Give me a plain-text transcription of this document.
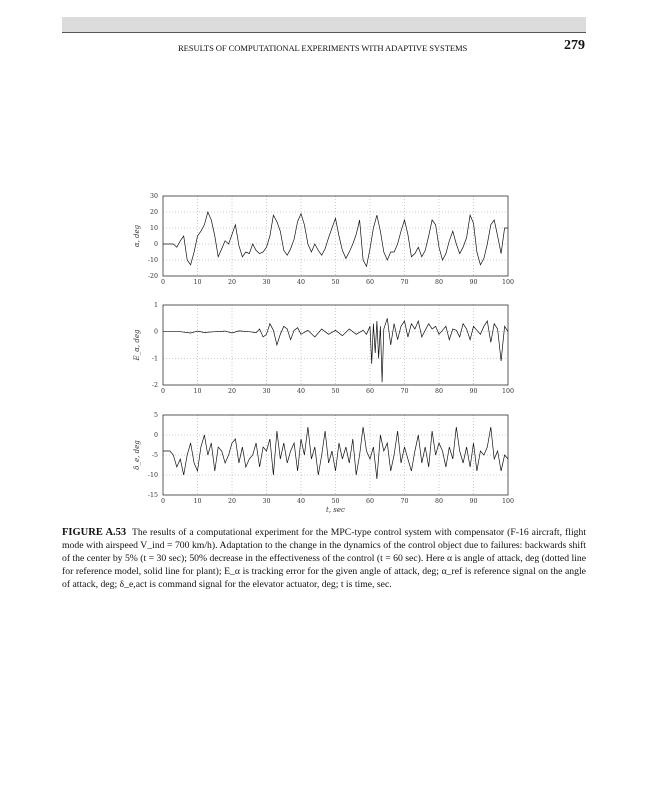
RESULTS OF COMPUTATIONAL EXPERIMENTS WITH ADAPTIVE SYSTEMS	279
0	10	20	30	40	50	60	70	80	90	100
30
20
10
0
-10
-20
α, deg
0	10	20	30	40	50	60	70	80	90	100
1
0
-1
-2
E_α, deg
0	10	20	30	40	50	60	70	80	90	100
5
0
-5
-10
-15
δ_e, deg
t, sec
FIGURE A.53 The results of a computational experiment for the MPC-type control system with compensator (F-16 aircraft, flight mode with airspeed V_ind = 700 km/h). Adaptation to the change in the dynamics of the control object due to failures: backwards shift of the center by 5% (t = 30 sec); 50% decrease in the effectiveness of the control (t = 60 sec). Here α is angle of attack, deg (dotted line for reference model, solid line for plant); E_α is tracking error for the given angle of attack, deg; α_ref is reference signal on the angle of attack, deg; δ_e,act is command signal for the elevator actuator, deg; t is time, sec.
